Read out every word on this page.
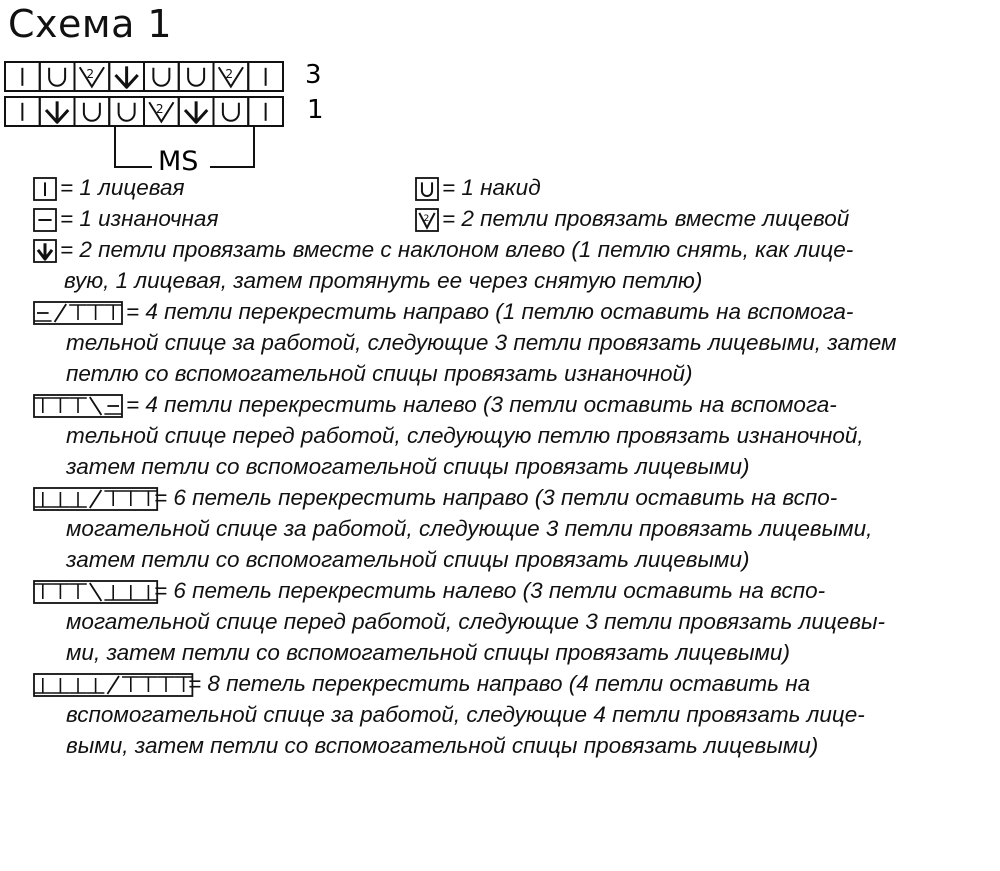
Схема 1
2	2
2
3
1
MS
2
= 1 лицевая	= 1 накид
= 1 изнаночная	= 2 петли провязать вместе лицевой
= 2 петли провязать вместе с наклоном влево (1 петлю снять, как лице-
вую, 1 лицевая, затем протянуть ее через снятую петлю)
= 4 петли перекрестить направо (1 петлю оставить на вспомога-
тельной спице за работой, следующие 3 петли провязать лицевыми, затем
петлю со вспомогательной спицы провязать изнаночной)
= 4 петли перекрестить налево (3 петли оставить на вспомога-
тельной спице перед работой, следующую петлю провязать изнаночной,
затем петли со вспомогательной спицы провязать лицевыми)
= 6 петель перекрестить направо (3 петли оставить на вспо-
могательной спице за работой, следующие 3 петли провязать лицевыми,
затем петли со вспомогательной спицы провязать лицевыми)
= 6 петель перекрестить налево (3 петли оставить на вспо-
могательной спице перед работой, следующие 3 петли провязать лицевы-
ми, затем петли со вспомогательной спицы провязать лицевыми)
= 8 петель перекрестить направо (4 петли оставить на
вспомогательной спице за работой, следующие 4 петли провязать лице-
выми, затем петли со вспомогательной спицы провязать лицевыми)
